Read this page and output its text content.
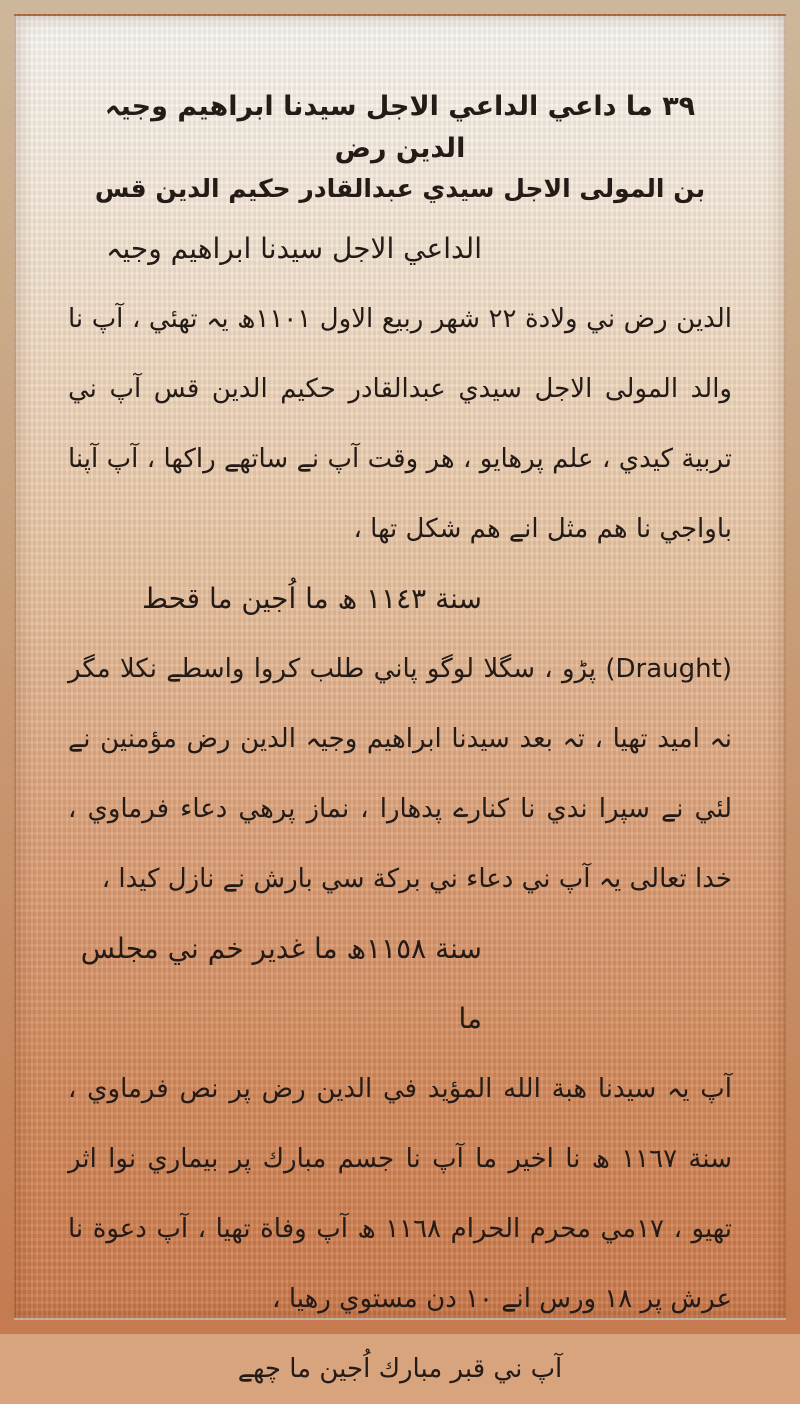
۳۹ ما داعي الداعي الاجل سيدنا ابراهيم وجيہ الدين رض
بن المولى الاجل سيدي عبدالقادر حكيم الدين قس

الداعي الاجل سيدنا ابراهيم وجيہ

الدين رض ني ولادة ٢٢ شهر ربيع الاول ١١٠١ھ يہ تهئي ، آپ نا والد المولى الاجل سيدي عبدالقادر حكيم الدين قس آپ ني تربية كيدي ، علم پرهايو ، هر وقت آپ نے ساتھے راكها ، آپ آپنا باواجي نا هم مثل انے هم شكل تها ،

سنة ١١٤٣ ھ ما اُجين ما قحط

(Draught) پڑو ، سگلا لوگو پاني طلب كروا واسطے نكلا مگر نہ اميد تهيا ، تہ بعد سيدنا ابراهيم وجيہ الدين رض مؤمنين نے لئي نے سپرا ندي نا كنارے پدهارا ، نماز پرهي دعاء فرماوي ، خدا تعالى يہ آپ ني دعاء ني بركة سي بارش نے نازل كيدا ،

سنة ١١٥٨ھ ما غدير خم ني مجلس ما

آپ يہ سيدنا هبة الله المؤيد في الدين رض پر نص فرماوي ، سنة ١١٦٧ ھ نا اخير ما آپ نا جسم مبارك پر بيماري نوا اثر تهيو ، ١٧مي محرم الحرام ١١٦٨ ھ آپ وفاة تهيا ، آپ دعوة نا عرش پر ١٨ ورس انے ١٠ دن مستوي رهيا ،

آپ ني قبر مبارك اُجين ما چهے
